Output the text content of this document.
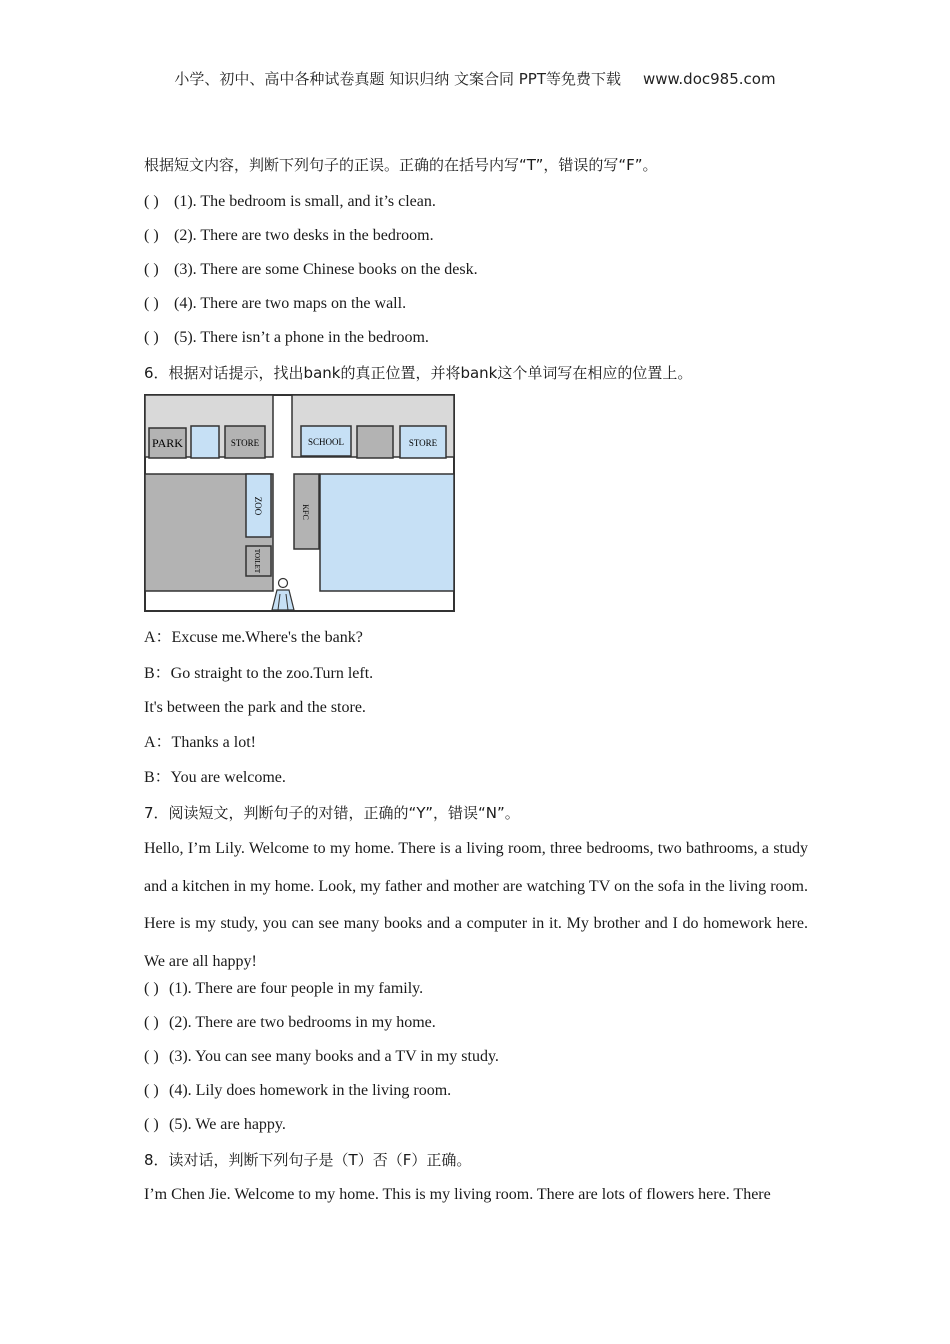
小学、初中、高中各种试卷真题 知识归纳 文案合同 PPT等免费下载 www.doc985.com

根据短文内容，判断下列句子的正误。正确的在括号内写“T”，错误的写“F”。

( ) (1). The bedroom is small, and it’s clean.

( ) (2). There are two desks in the bedroom.

( ) (3). There are some Chinese books on the desk.

( ) (4). There are two maps on the wall.

( ) (5). There isn’t a phone in the bedroom.

6．根据对话提示，找出bank的真正位置，并将bank这个单词写在相应的位置上。

PARK	STORE	SCHOOL	STORE
ZOO
TOILET
KFC

A：Excuse me.Where's the bank?

B：Go straight to the zoo.Turn left.

It's between the park and the store.

A：Thanks a lot!

B：You are welcome.

7．阅读短文，判断句子的对错，正确的“Y”，错误“N”。

Hello, I’m Lily. Welcome to my home. There is a living room, three bedrooms, two bathrooms, a study and a kitchen in my home. Look, my father and mother are watching TV on the sofa in the living room. Here is my study, you can see many books and a computer in it. My brother and I do homework here. We are all happy!

( ) (1). There are four people in my family.

( ) (2). There are two bedrooms in my home.

( ) (3). You can see many books and a TV in my study.

( ) (4). Lily does homework in the living room.

( ) (5). We are happy.

8．读对话，判断下列句子是（T）否（F）正确。

I’m Chen Jie. Welcome to my home. This is my living room. There are lots of flowers here. There
